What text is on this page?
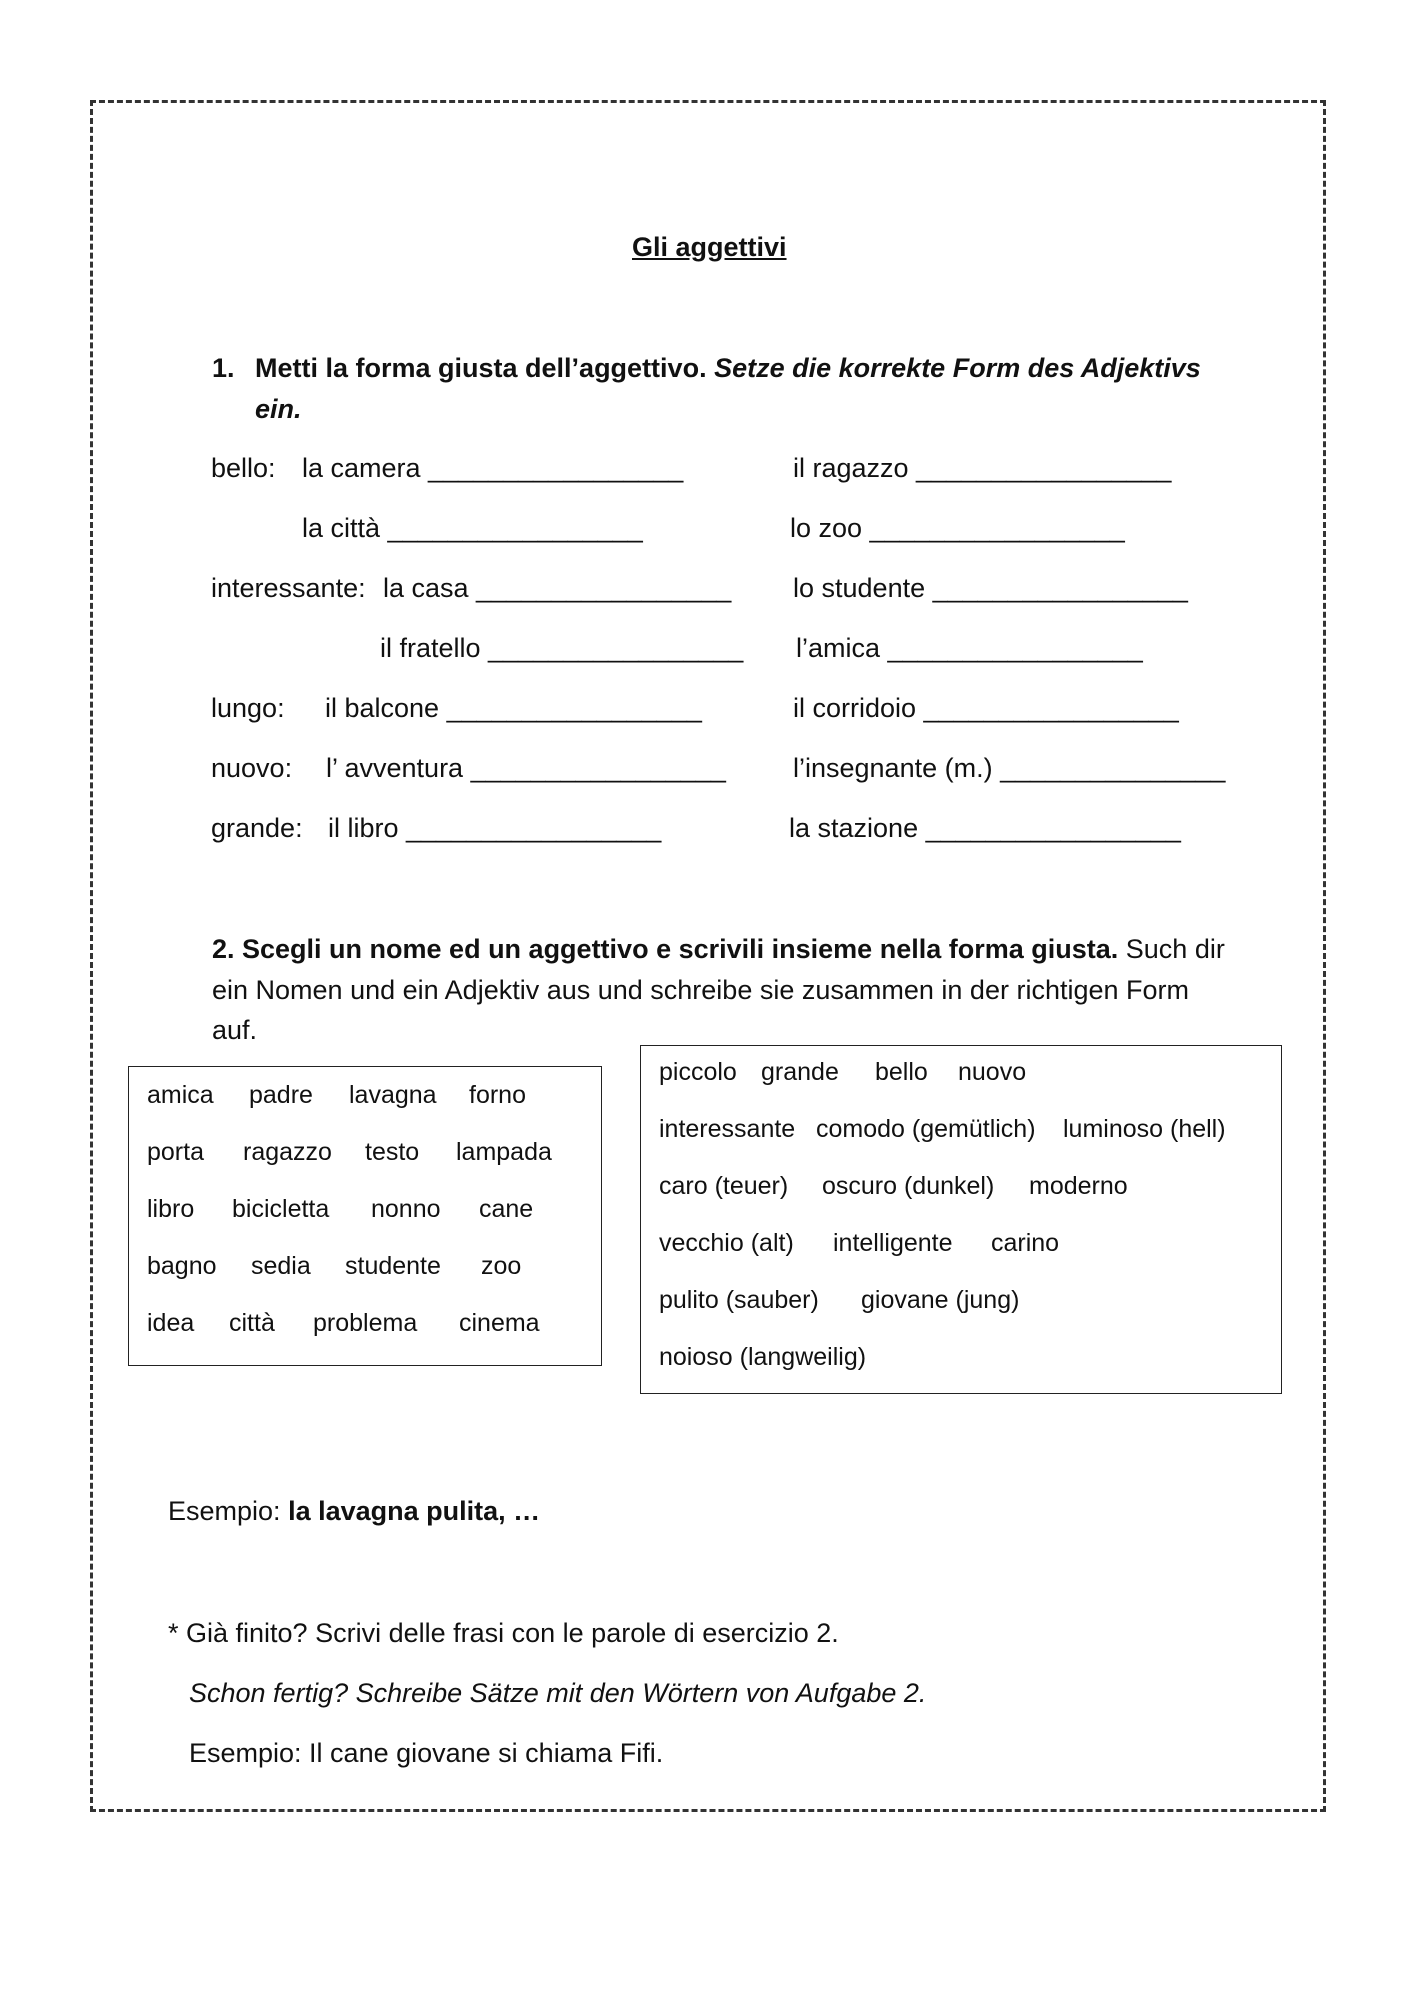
Gli aggettivi
1. Metti la forma giusta dell’aggettivo. Setze die korrekte Form des Adjektivs
ein.
bello: la camera _________________	il ragazzo _________________
la città _________________	lo zoo _________________
interessante: la casa _________________ lo studente _________________
il fratello _________________ l’amica _________________
lungo: il balcone _________________	il corridoio _________________
nuovo: l’ avventura _________________ l’insegnante (m.) _______________
grande: il libro _________________	la stazione _________________
2. Scegli un nome ed un aggettivo e scrivili insieme nella forma giusta. Such dir
ein Nomen und ein Adjektiv aus und schreibe sie zusammen in der richtigen Form
auf.
amica padre lavagna forno
porta ragazzo testo lampada
libro bicicletta nonno cane
bagno sedia studente zoo
idea città problema cinema
piccolo grande bello nuovo
interessante comodo (gemütlich) luminoso (hell)
caro (teuer) oscuro (dunkel) moderno
vecchio (alt) intelligente carino
pulito (sauber) giovane (jung)
noioso (langweilig)
Esempio: la lavagna pulita, …
* Già finito? Scrivi delle frasi con le parole di esercizio 2.
Schon fertig? Schreibe Sätze mit den Wörtern von Aufgabe 2.
Esempio: Il cane giovane si chiama Fifi.
